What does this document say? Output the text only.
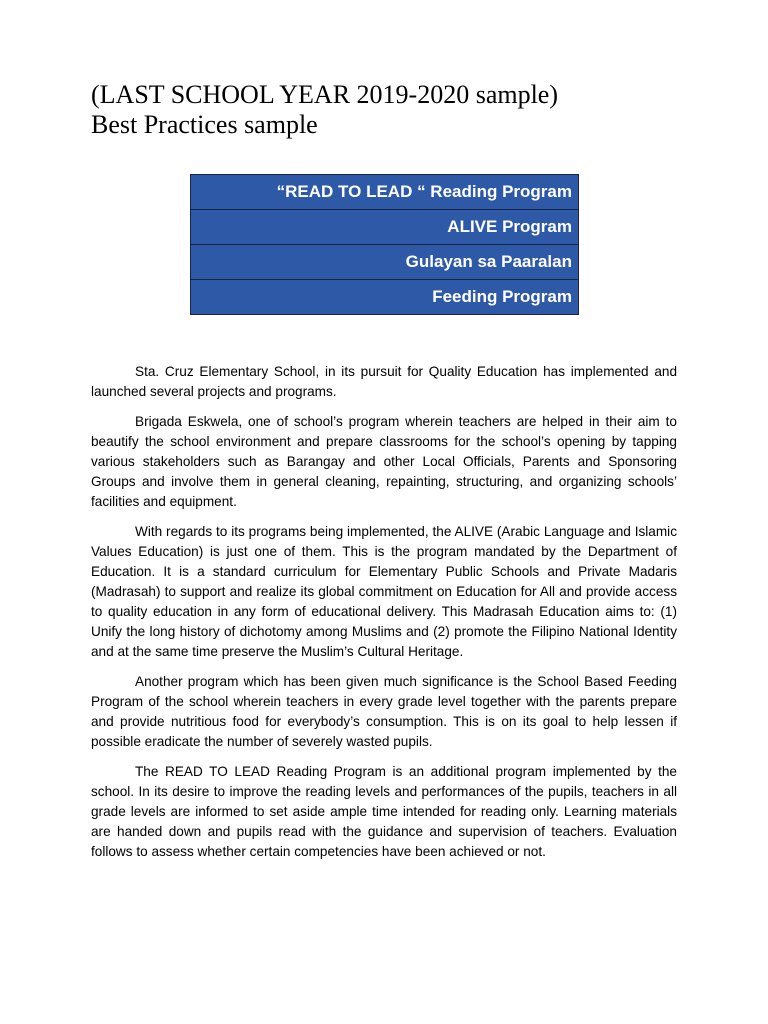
(LAST SCHOOL YEAR 2019-2020 sample)
Best Practices sample
“READ TO LEAD “ Reading Program
ALIVE Program
Gulayan sa Paaralan
Feeding Program

Sta. Cruz Elementary School, in its pursuit for Quality Education has implemented and launched several projects and programs.

Brigada Eskwela, one of school’s program wherein teachers are helped in their aim to beautify the school environment and prepare classrooms for the school’s opening by tapping various stakeholders such as Barangay and other Local Officials, Parents and Sponsoring Groups and involve them in general cleaning, repainting, structuring, and organizing schools’ facilities and equipment.

With regards to its programs being implemented, the ALIVE (Arabic Language and Islamic Values Education) is just one of them. This is the program mandated by the Department of Education. It is a standard curriculum for Elementary Public Schools and Private Madaris (Madrasah) to support and realize its global commitment on Education for All and provide access to quality education in any form of educational delivery. This Madrasah Education aims to: (1) Unify the long history of dichotomy among Muslims and (2) promote the Filipino National Identity and at the same time preserve the Muslim’s Cultural Heritage.

Another program which has been given much significance is the School Based Feeding Program of the school wherein teachers in every grade level together with the parents prepare and provide nutritious food for everybody’s consumption. This is on its goal to help lessen if possible eradicate the number of severely wasted pupils.

The READ TO LEAD Reading Program is an additional program implemented by the school. In its desire to improve the reading levels and performances of the pupils, teachers in all grade levels are informed to set aside ample time intended for reading only. Learning materials are handed down and pupils read with the guidance and supervision of teachers. Evaluation follows to assess whether certain competencies have been achieved or not.
